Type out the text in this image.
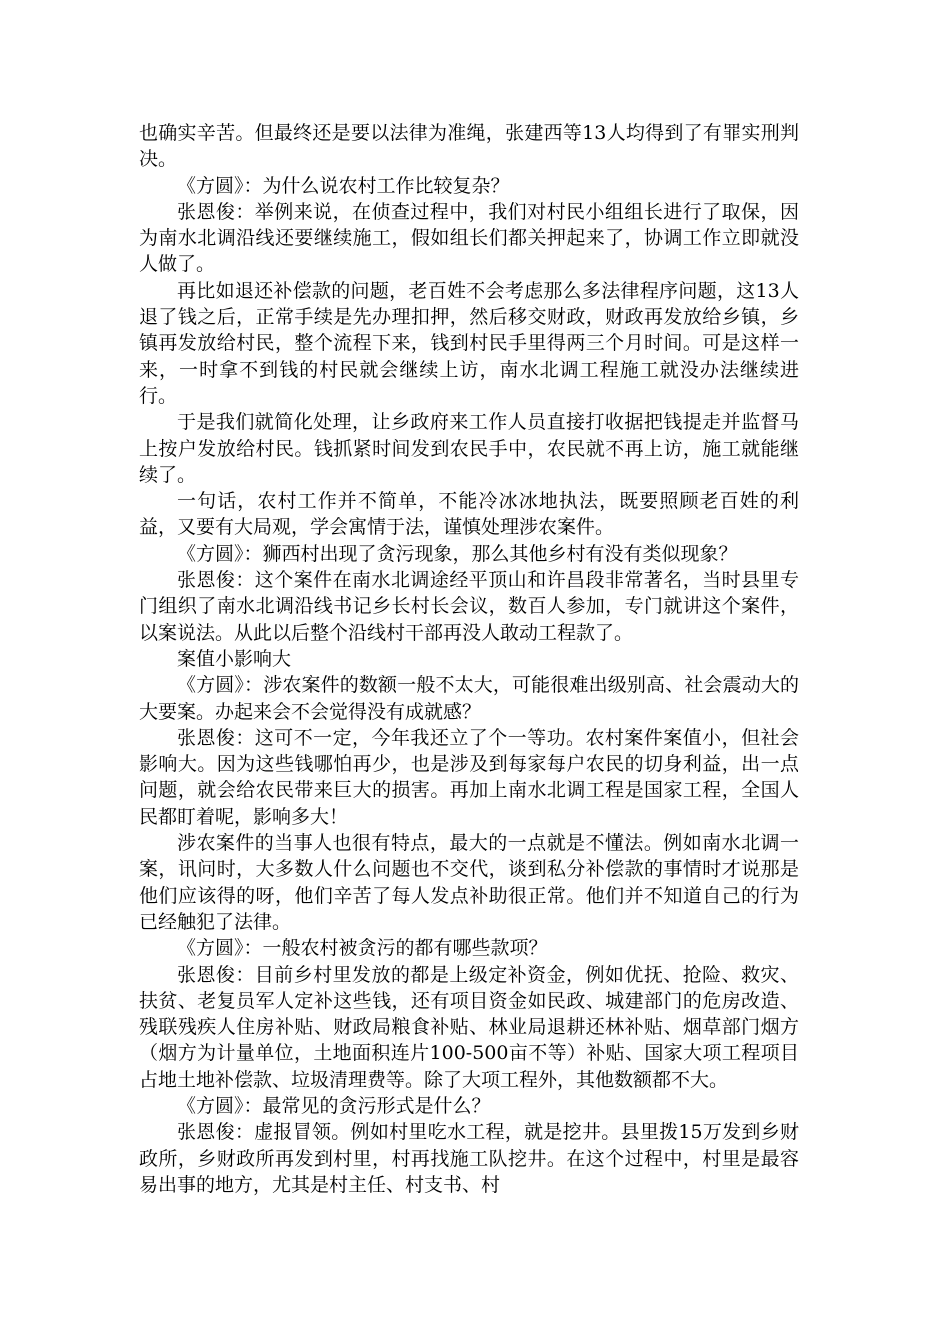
也确实辛苦。但最终还是要以法律为准绳，张建西等13人均得到了有罪实刑判决。

《方圆》：为什么说农村工作比较复杂？

张恩俊：举例来说，在侦查过程中，我们对村民小组组长进行了取保，因为南水北调沿线还要继续施工，假如组长们都关押起来了，协调工作立即就没人做了。

再比如退还补偿款的问题，老百姓不会考虑那么多法律程序问题，这13人退了钱之后，正常手续是先办理扣押，然后移交财政，财政再发放给乡镇，乡镇再发放给村民，整个流程下来，钱到村民手里得两三个月时间。可是这样一来，一时拿不到钱的村民就会继续上访，南水北调工程施工就没办法继续进行。

于是我们就简化处理，让乡政府来工作人员直接打收据把钱提走并监督马上按户发放给村民。钱抓紧时间发到农民手中，农民就不再上访，施工就能继续了。

一句话，农村工作并不简单，不能冷冰冰地执法，既要照顾老百姓的利益，又要有大局观，学会寓情于法，谨慎处理涉农案件。

《方圆》：狮西村出现了贪污现象，那么其他乡村有没有类似现象？

张恩俊：这个案件在南水北调途经平顶山和许昌段非常著名，当时县里专门组织了南水北调沿线书记乡长村长会议，数百人参加，专门就讲这个案件，以案说法。从此以后整个沿线村干部再没人敢动工程款了。

案值小影响大

《方圆》：涉农案件的数额一般不太大，可能很难出级别高、社会震动大的大要案。办起来会不会觉得没有成就感？

张恩俊：这可不一定，今年我还立了个一等功。农村案件案值小，但社会影响大。因为这些钱哪怕再少，也是涉及到每家每户农民的切身利益，出一点问题，就会给农民带来巨大的损害。再加上南水北调工程是国家工程，全国人民都盯着呢，影响多大！

涉农案件的当事人也很有特点，最大的一点就是不懂法。例如南水北调一案，讯问时，大多数人什么问题也不交代，谈到私分补偿款的事情时才说那是他们应该得的呀，他们辛苦了每人发点补助很正常。他们并不知道自己的行为已经触犯了法律。

《方圆》：一般农村被贪污的都有哪些款项？

张恩俊：目前乡村里发放的都是上级定补资金，例如优抚、抢险、救灾、扶贫、老复员军人定补这些钱，还有项目资金如民政、城建部门的危房改造、残联残疾人住房补贴、财政局粮食补贴、林业局退耕还林补贴、烟草部门烟方（烟方为计量单位，土地面积连片100-500亩不等）补贴、国家大项工程项目占地土地补偿款、垃圾清理费等。除了大项工程外，其他数额都不大。

《方圆》：最常见的贪污形式是什么？

张恩俊：虚报冒领。例如村里吃水工程，就是挖井。县里拨15万发到乡财政所，乡财政所再发到村里，村再找施工队挖井。在这个过程中，村里是最容易出事的地方，尤其是村主任、村支书、村
